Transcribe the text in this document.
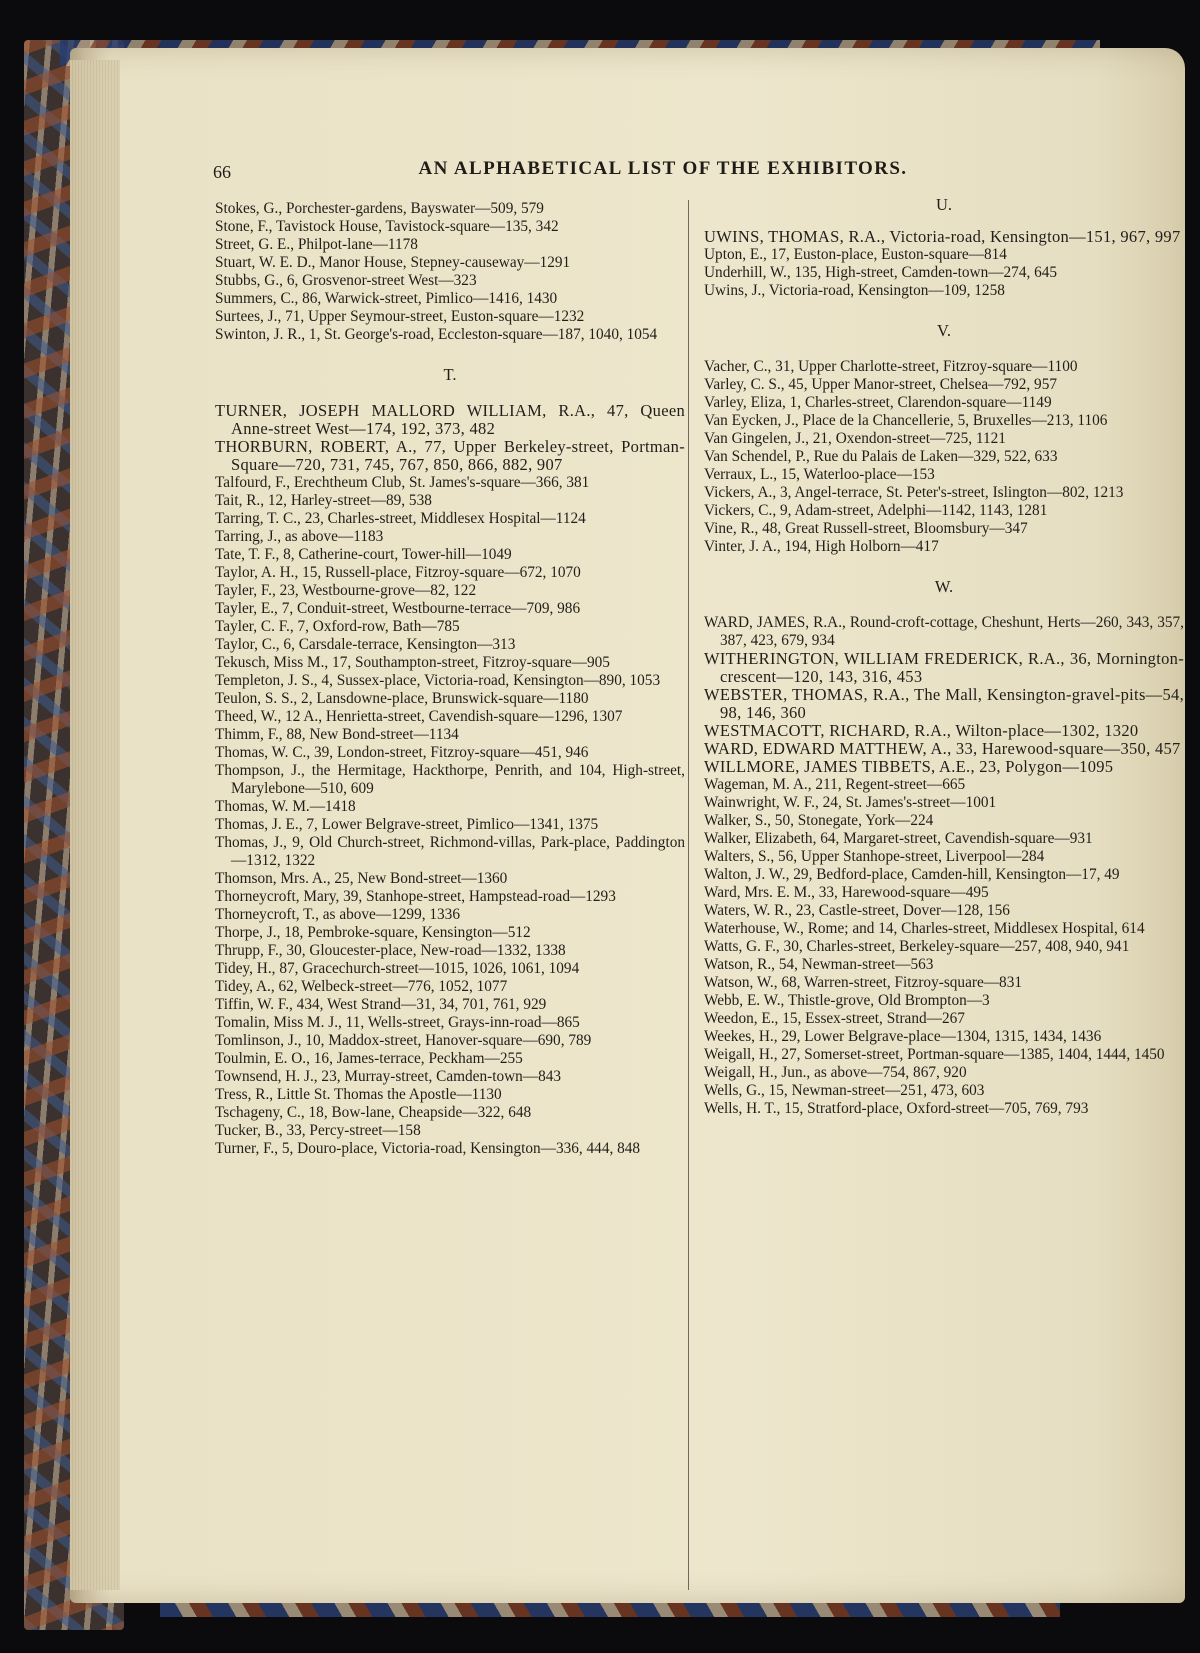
66	AN ALPHABETICAL LIST OF THE EXHIBITORS.

Stokes, G., Porchester-gardens, Bayswater—509, 579

Stone, F., Tavistock House, Tavistock-square—135, 342

Street, G. E., Philpot-lane—1178

Stuart, W. E. D., Manor House, Stepney-causeway—1291

Stubbs, G., 6, Grosvenor-street West—323

Summers, C., 86, Warwick-street, Pimlico—1416, 1430

Surtees, J., 71, Upper Seymour-street, Euston-square—1232

Swinton, J. R., 1, St. George's-road, Eccleston-square—187, 1040, 1054

T.

TURNER, JOSEPH MALLORD WILLIAM, R.A., 47, Queen Anne-street West—174, 192, 373, 482

THORBURN, ROBERT, A., 77, Upper Berkeley-street, Portman-Square—720, 731, 745, 767, 850, 866, 882, 907

Talfourd, F., Erechtheum Club, St. James's-square—366, 381

Tait, R., 12, Harley-street—89, 538

Tarring, T. C., 23, Charles-street, Middlesex Hospital—1124

Tarring, J., as above—1183

Tate, T. F., 8, Catherine-court, Tower-hill—1049

Taylor, A. H., 15, Russell-place, Fitzroy-square—672, 1070

Tayler, F., 23, Westbourne-grove—82, 122

Tayler, E., 7, Conduit-street, Westbourne-terrace—709, 986

Tayler, C. F., 7, Oxford-row, Bath—785

Taylor, C., 6, Carsdale-terrace, Kensington—313

Tekusch, Miss M., 17, Southampton-street, Fitzroy-square—905

Templeton, J. S., 4, Sussex-place, Victoria-road, Kensington—890, 1053

Teulon, S. S., 2, Lansdowne-place, Brunswick-square—1180

Theed, W., 12 A., Henrietta-street, Cavendish-square—1296, 1307

Thimm, F., 88, New Bond-street—1134

Thomas, W. C., 39, London-street, Fitzroy-square—451, 946

Thompson, J., the Hermitage, Hackthorpe, Penrith, and 104, High-street, Marylebone—510, 609

Thomas, W. M.—1418

Thomas, J. E., 7, Lower Belgrave-street, Pimlico—1341, 1375

Thomas, J., 9, Old Church-street, Richmond-villas, Park-place, Paddington—1312, 1322

Thomson, Mrs. A., 25, New Bond-street—1360

Thorneycroft, Mary, 39, Stanhope-street, Hampstead-road—1293

Thorneycroft, T., as above—1299, 1336

Thorpe, J., 18, Pembroke-square, Kensington—512

Thrupp, F., 30, Gloucester-place, New-road—1332, 1338

Tidey, H., 87, Gracechurch-street—1015, 1026, 1061, 1094

Tidey, A., 62, Welbeck-street—776, 1052, 1077

Tiffin, W. F., 434, West Strand—31, 34, 701, 761, 929

Tomalin, Miss M. J., 11, Wells-street, Grays-inn-road—865

Tomlinson, J., 10, Maddox-street, Hanover-square—690, 789

Toulmin, E. O., 16, James-terrace, Peckham—255

Townsend, H. J., 23, Murray-street, Camden-town—843

Tress, R., Little St. Thomas the Apostle—1130

Tschageny, C., 18, Bow-lane, Cheapside—322, 648

Tucker, B., 33, Percy-street—158

Turner, F., 5, Douro-place, Victoria-road, Kensington—336, 444, 848

U.

UWINS, THOMAS, R.A., Victoria-road, Kensington—151, 967, 997

Upton, E., 17, Euston-place, Euston-square—814

Underhill, W., 135, High-street, Camden-town—274, 645

Uwins, J., Victoria-road, Kensington—109, 1258

V.

Vacher, C., 31, Upper Charlotte-street, Fitzroy-square—1100

Varley, C. S., 45, Upper Manor-street, Chelsea—792, 957

Varley, Eliza, 1, Charles-street, Clarendon-square—1149

Van Eycken, J., Place de la Chancellerie, 5, Bruxelles—213, 1106

Van Gingelen, J., 21, Oxendon-street—725, 1121

Van Schendel, P., Rue du Palais de Laken—329, 522, 633

Verraux, L., 15, Waterloo-place—153

Vickers, A., 3, Angel-terrace, St. Peter's-street, Islington—802, 1213

Vickers, C., 9, Adam-street, Adelphi—1142, 1143, 1281

Vine, R., 48, Great Russell-street, Bloomsbury—347

Vinter, J. A., 194, High Holborn—417

W.

WARD, JAMES, R.A., Round-croft-cottage, Cheshunt, Herts—260, 343, 357, 387, 423, 679, 934

WITHERINGTON, WILLIAM FREDERICK, R.A., 36, Mornington-crescent—120, 143, 316, 453

WEBSTER, THOMAS, R.A., The Mall, Kensington-gravel-pits—54, 98, 146, 360

WESTMACOTT, RICHARD, R.A., Wilton-place—1302, 1320

WARD, EDWARD MATTHEW, A., 33, Harewood-square—350, 457

WILLMORE, JAMES TIBBETS, A.E., 23, Polygon—1095

Wageman, M. A., 211, Regent-street—665

Wainwright, W. F., 24, St. James's-street—1001

Walker, S., 50, Stonegate, York—224

Walker, Elizabeth, 64, Margaret-street, Cavendish-square—931

Walters, S., 56, Upper Stanhope-street, Liverpool—284

Walton, J. W., 29, Bedford-place, Camden-hill, Kensington—17, 49

Ward, Mrs. E. M., 33, Harewood-square—495

Waters, W. R., 23, Castle-street, Dover—128, 156

Waterhouse, W., Rome; and 14, Charles-street, Middlesex Hospital, 614

Watts, G. F., 30, Charles-street, Berkeley-square—257, 408, 940, 941

Watson, R., 54, Newman-street—563

Watson, W., 68, Warren-street, Fitzroy-square—831

Webb, E. W., Thistle-grove, Old Brompton—3

Weedon, E., 15, Essex-street, Strand—267

Weekes, H., 29, Lower Belgrave-place—1304, 1315, 1434, 1436

Weigall, H., 27, Somerset-street, Portman-square—1385, 1404, 1444, 1450

Weigall, H., Jun., as above—754, 867, 920

Wells, G., 15, Newman-street—251, 473, 603

Wells, H. T., 15, Stratford-place, Oxford-street—705, 769, 793
